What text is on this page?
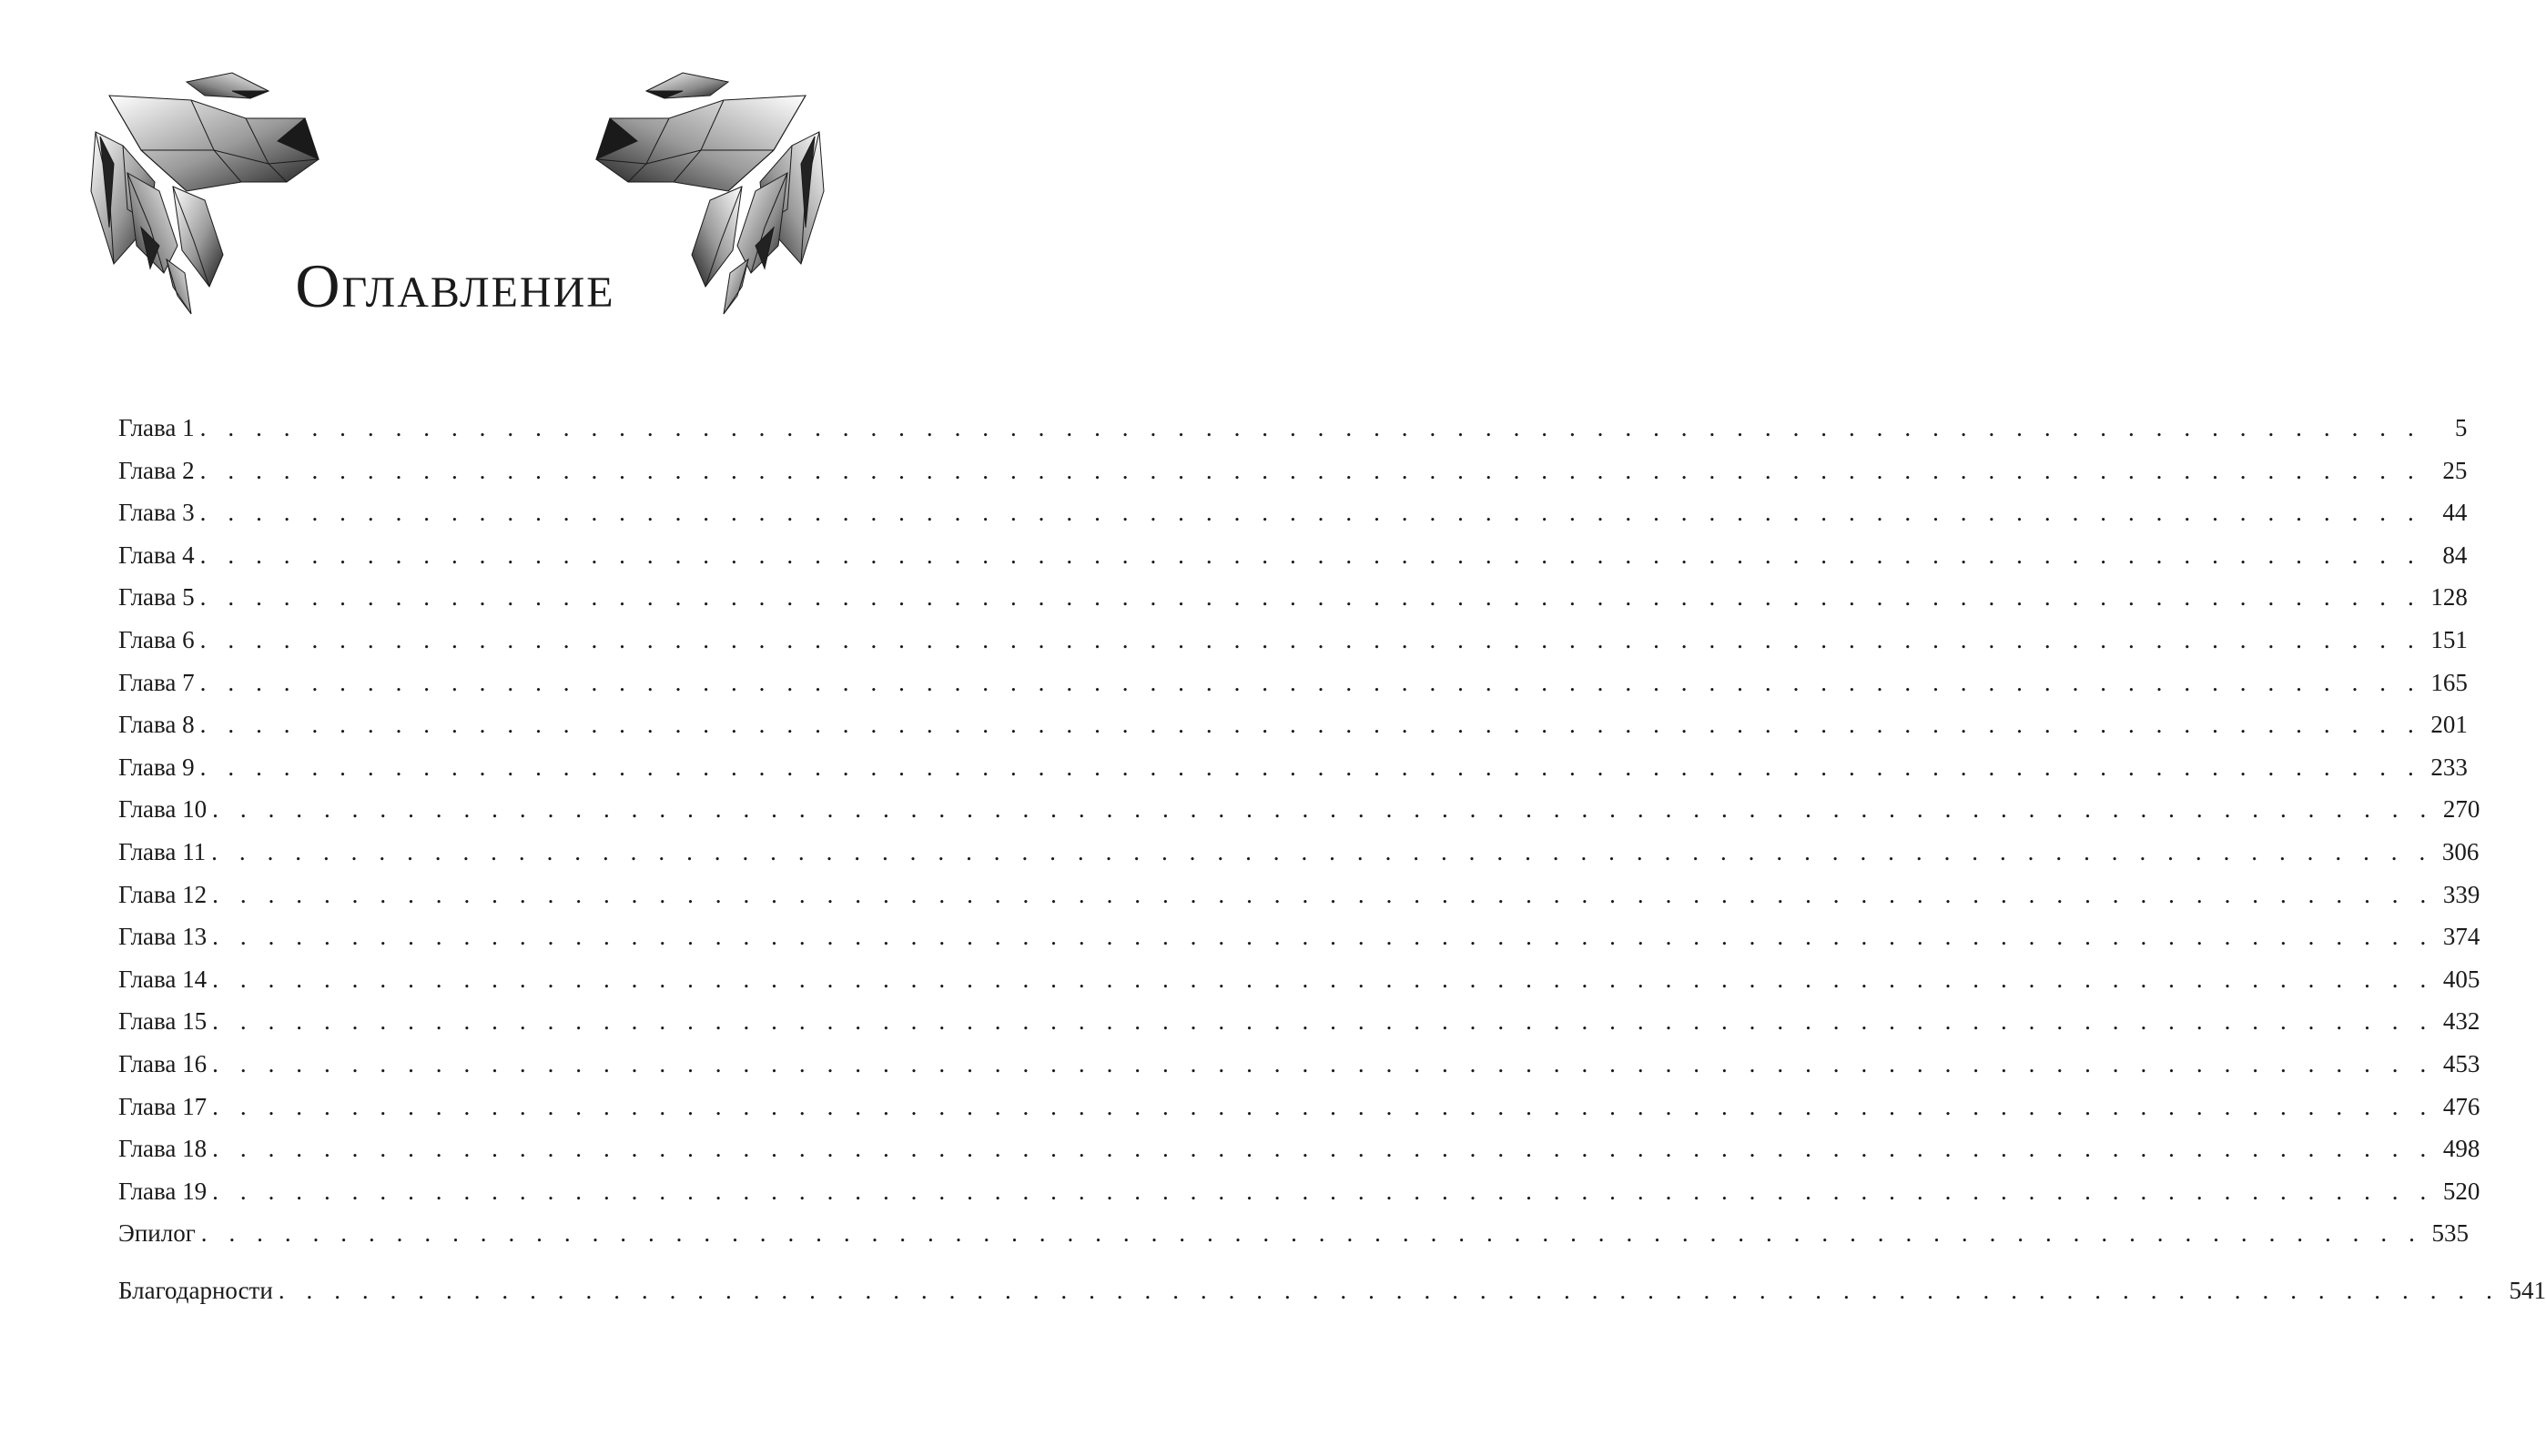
Оглавление
Глава 1 . . . . . . . . . . . . . . . . . . . . . . . . . . . . . . . . . . . . . . . . . . . . . . . . . . . . . . . . . . . . . . . . . . . . . . . . . . . . . . . .	5
Глава 2 . . . . . . . . . . . . . . . . . . . . . . . . . . . . . . . . . . . . . . . . . . . . . . . . . . . . . . . . . . . . . . . . . . . . . . . . . . . . . . . . 25
Глава 3 . . . . . . . . . . . . . . . . . . . . . . . . . . . . . . . . . . . . . . . . . . . . . . . . . . . . . . . . . . . . . . . . . . . . . . . . . . . . . . . . 44
Глава 4 . . . . . . . . . . . . . . . . . . . . . . . . . . . . . . . . . . . . . . . . . . . . . . . . . . . . . . . . . . . . . . . . . . . . . . . . . . . . . . . . 84
Глава 5 . . . . . . . . . . . . . . . . . . . . . . . . . . . . . . . . . . . . . . . . . . . . . . . . . . . . . . . . . . . . . . . . . . . . . . . . . . . . . . . . 128
Глава 6 . . . . . . . . . . . . . . . . . . . . . . . . . . . . . . . . . . . . . . . . . . . . . . . . . . . . . . . . . . . . . . . . . . . . . . . . . . . . . . . . 151
Глава 7 . . . . . . . . . . . . . . . . . . . . . . . . . . . . . . . . . . . . . . . . . . . . . . . . . . . . . . . . . . . . . . . . . . . . . . . . . . . . . . . . 165
Глава 8 . . . . . . . . . . . . . . . . . . . . . . . . . . . . . . . . . . . . . . . . . . . . . . . . . . . . . . . . . . . . . . . . . . . . . . . . . . . . . . . . 201
Глава 9 . . . . . . . . . . . . . . . . . . . . . . . . . . . . . . . . . . . . . . . . . . . . . . . . . . . . . . . . . . . . . . . . . . . . . . . . . . . . . . . . 233
Глава 10 . . . . . . . . . . . . . . . . . . . . . . . . . . . . . . . . . . . . . . . . . . . . . . . . . . . . . . . . . . . . . . . . . . . . . . . . . . . . . . . . 270
Глава 11 . . . . . . . . . . . . . . . . . . . . . . . . . . . . . . . . . . . . . . . . . . . . . . . . . . . . . . . . . . . . . . . . . . . . . . . . . . . . . . . . 306
Глава 12 . . . . . . . . . . . . . . . . . . . . . . . . . . . . . . . . . . . . . . . . . . . . . . . . . . . . . . . . . . . . . . . . . . . . . . . . . . . . . . . . 339
Глава 13 . . . . . . . . . . . . . . . . . . . . . . . . . . . . . . . . . . . . . . . . . . . . . . . . . . . . . . . . . . . . . . . . . . . . . . . . . . . . . . . . 374
Глава 14 . . . . . . . . . . . . . . . . . . . . . . . . . . . . . . . . . . . . . . . . . . . . . . . . . . . . . . . . . . . . . . . . . . . . . . . . . . . . . . . . 405
Глава 15 . . . . . . . . . . . . . . . . . . . . . . . . . . . . . . . . . . . . . . . . . . . . . . . . . . . . . . . . . . . . . . . . . . . . . . . . . . . . . . . . 432
Глава 16 . . . . . . . . . . . . . . . . . . . . . . . . . . . . . . . . . . . . . . . . . . . . . . . . . . . . . . . . . . . . . . . . . . . . . . . . . . . . . . . . 453
Глава 17 . . . . . . . . . . . . . . . . . . . . . . . . . . . . . . . . . . . . . . . . . . . . . . . . . . . . . . . . . . . . . . . . . . . . . . . . . . . . . . . . 476
Глава 18 . . . . . . . . . . . . . . . . . . . . . . . . . . . . . . . . . . . . . . . . . . . . . . . . . . . . . . . . . . . . . . . . . . . . . . . . . . . . . . . . 498
Глава 19 . . . . . . . . . . . . . . . . . . . . . . . . . . . . . . . . . . . . . . . . . . . . . . . . . . . . . . . . . . . . . . . . . . . . . . . . . . . . . . . . 520
Эпилог . . . . . . . . . . . . . . . . . . . . . . . . . . . . . . . . . . . . . . . . . . . . . . . . . . . . . . . . . . . . . . . . . . . . . . . . . . . . . . . . 535
Благодарности . . . . . . . . . . . . . . . . . . . . . . . . . . . . . . . . . . . . . . . . . . . . . . . . . . . . . . . . . . . . . . . . . . . . . . . . . . . . . . . . 541
